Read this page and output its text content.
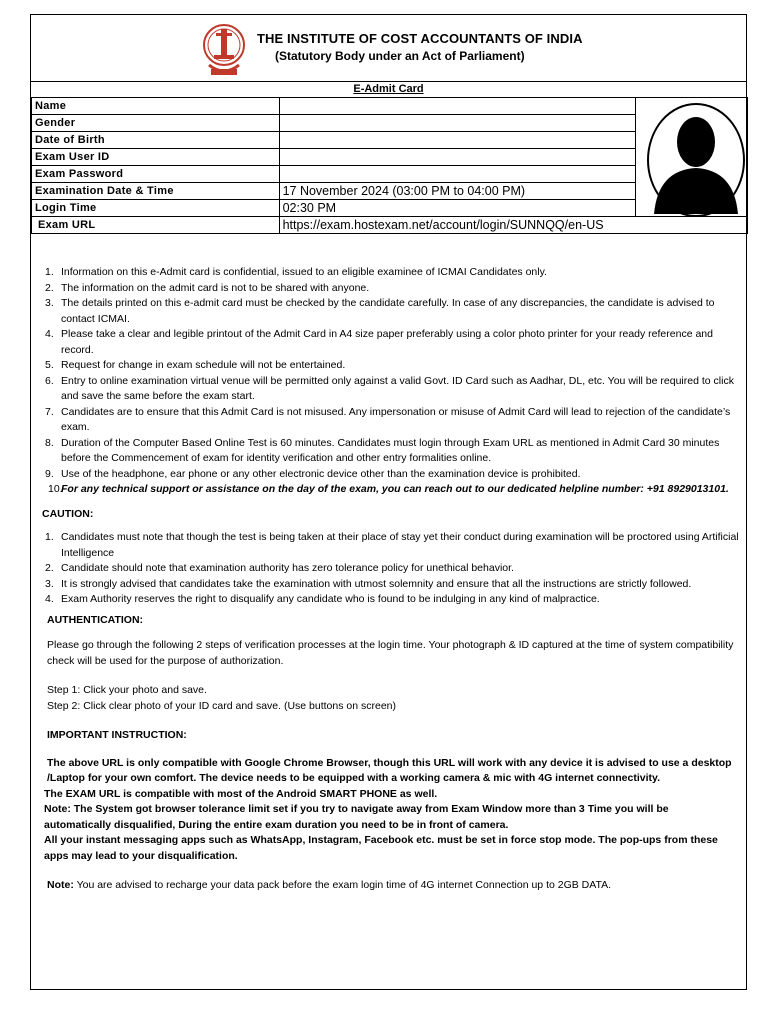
THE INSTITUTE OF COST ACCOUNTANTS OF INDIA
(Statutory Body under an Act of Parliament)
E-Admit Card
Name		

Gender		
Date of Birth		
Exam User ID		
Exam Password		
Examination Date & Time	17 November 2024 (03:00 PM to 04:00 PM)	
Login Time	02:30 PM	
Exam URL	https://exam.hostexam.net/account/login/SUNNQQ/en-US	
1. Information on this e-Admit card is confidential, issued to an eligible examinee of ICMAI Candidates only.
2. The information on the admit card is not to be shared with anyone.
3. The details printed on this e-admit card must be checked by the candidate carefully. In case of any discrepancies, the candidate is advised to contact ICMAI.
4. Please take a clear and legible printout of the Admit Card in A4 size paper preferably using a color photo printer for your ready reference and record.
5. Request for change in exam schedule will not be entertained.
6. Entry to online examination virtual venue will be permitted only against a valid Govt. ID Card such as Aadhar, DL, etc. You will be required to click and save the same before the exam start.
7. Candidates are to ensure that this Admit Card is not misused. Any impersonation or misuse of Admit Card will lead to rejection of the candidate’s exam.
8. Duration of the Computer Based Online Test is 60 minutes. Candidates must login through Exam URL as mentioned in Admit Card 30 minutes before the Commencement of exam for identity verification and other entry formalities online.
9. Use of the headphone, ear phone or any other electronic device other than the examination device is prohibited.
10.
For any technical support or assistance on the day of the exam, you can reach out to our dedicated helpline number: +91 8929013101.

CAUTION:

1. Candidates must note that though the test is being taken at their place of stay yet their conduct during examination will be proctored using Artificial Intelligence
2. Candidate should note that examination authority has zero tolerance policy for unethical behavior.
3. It is strongly advised that candidates take the examination with utmost solemnity and ensure that all the instructions are strictly followed.
4. Exam Authority reserves the right to disqualify any candidate who is found to be indulging in any kind of malpractice.

AUTHENTICATION:

Please go through the following 2 steps of verification processes at the login time. Your photograph & ID captured at the time of system compatibility check will be used for the purpose of authorization.

Step 1: Click your photo and save.

Step 2: Click clear photo of your ID card and save. (Use buttons on screen)

IMPORTANT INSTRUCTION:

The above URL is only compatible with Google Chrome Browser, though this URL will work with any device it is advised to use a desktop /Laptop for your own comfort. The device needs to be equipped with a working camera & mic with 4G internet connectivity.

The EXAM URL is compatible with most of the Android SMART PHONE as well.

Note: The System got browser tolerance limit set if you try to navigate away from Exam Window more than 3 Time you will be automatically disqualified, During the entire exam duration you need to be in front of camera.

All your instant messaging apps such as WhatsApp, Instagram, Facebook etc. must be set in force stop mode. The pop-ups from these apps may lead to your disqualification.

Note: You are advised to recharge your data pack before the exam login time of 4G internet Connection up to 2GB DATA.
